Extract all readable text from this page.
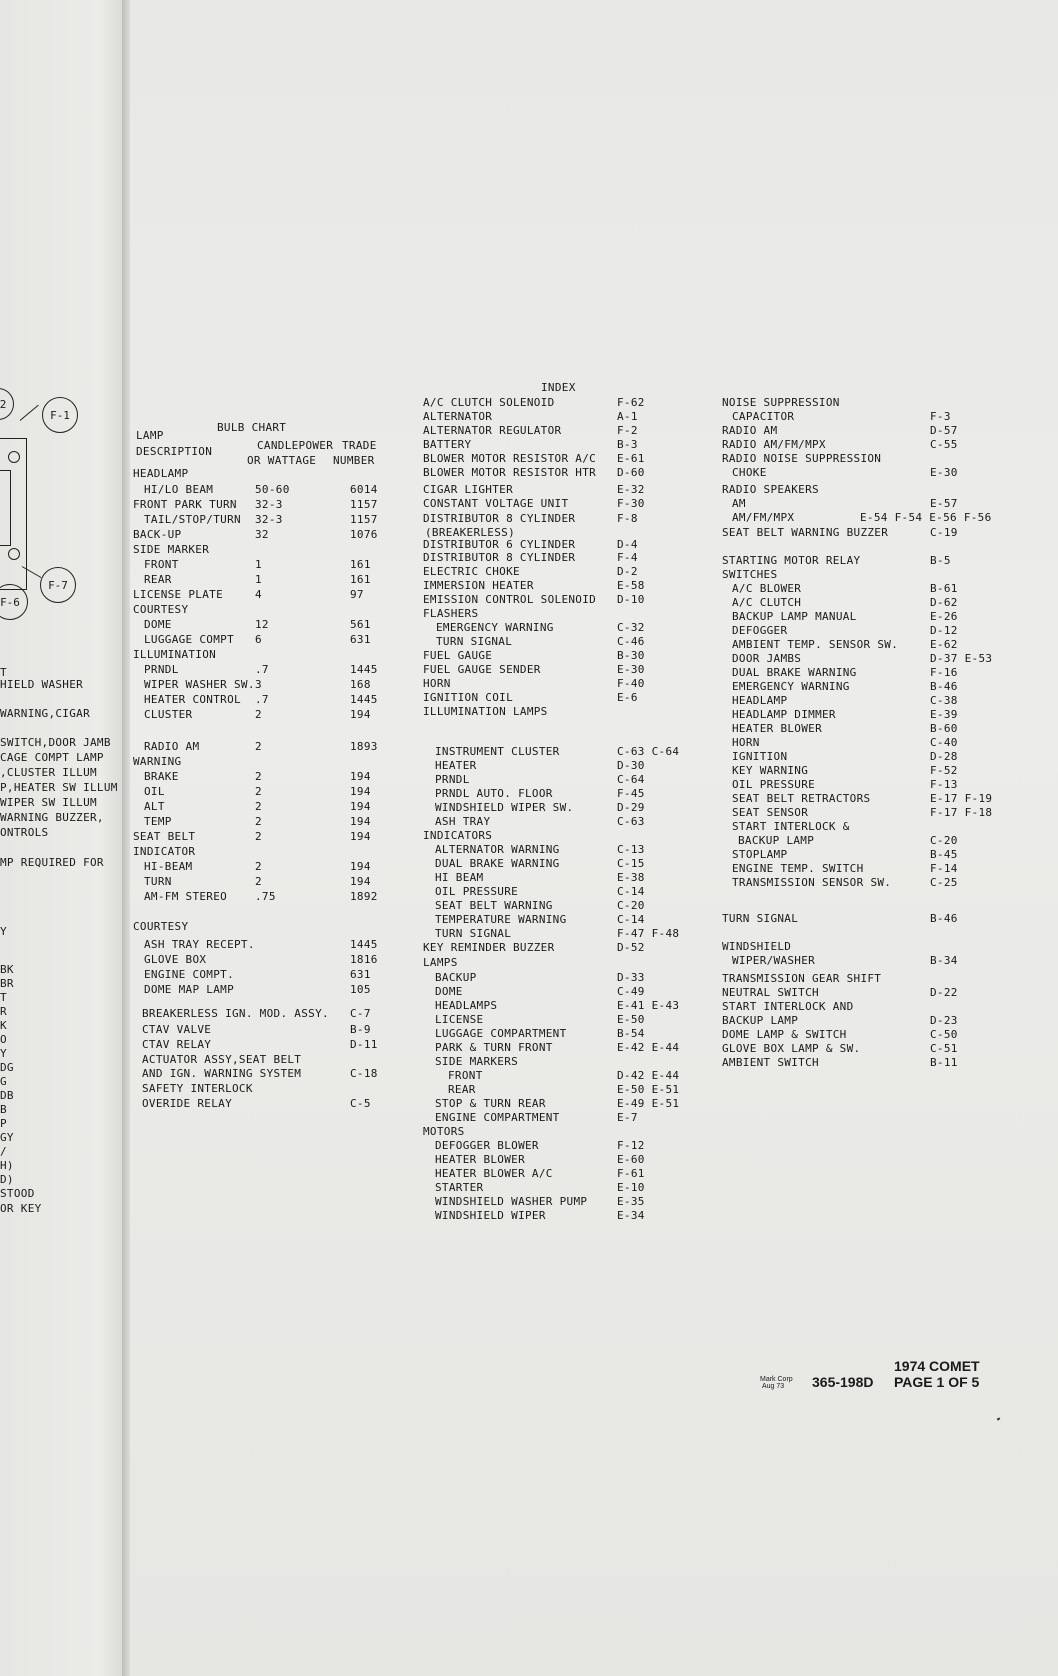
2
F-1
F-7
F-6
T
HIELD WASHER
WARNING,CIGAR
SWITCH,DOOR JAMB
CAGE COMPT LAMP
,CLUSTER ILLUM
P,HEATER SW ILLUM
WIPER SW ILLUM
WARNING BUZZER,
ONTROLS
MP REQUIRED FOR
Y
BK
BR
T
R
K
O
Y
DG
G
DB
B
P
GY
/
H)
D)
STOOD
OR KEY
BULB CHART
LAMP
DESCRIPTION	CANDLEPOWER
OR WATTAGE
TRADE
NUMBER
HEADLAMP
HI/LO BEAM	50-60	6014
FRONT PARK TURN 32-3	1157
TAIL/STOP/TURN 32-3	1157
BACK-UP	32	1076
SIDE MARKER
FRONT	1	161
REAR	1	161
LICENSE PLATE	4	97
COURTESY
DOME	12	561
LUGGAGE COMPT 6	631
ILLUMINATION
PRNDL	.7	1445
WIPER WASHER SW. 3	168
HEATER CONTROL .7	1445
CLUSTER	2	194
RADIO AM	2	1893
WARNING
BRAKE	2	194
OIL	2	194
ALT	2	194
TEMP	2	194
SEAT BELT	2	194
INDICATOR
HI-BEAM	2	194
TURN	2	194
AM-FM STEREO	.75	1892
COURTESY
ASH TRAY RECEPT.	1445
GLOVE BOX	1816
ENGINE COMPT.	631
DOME MAP LAMP	105
BREAKERLESS IGN. MOD. ASSY. C-7
CTAV VALVE	B-9
CTAV RELAY	D-11
ACTUATOR ASSY,SEAT BELT
AND IGN. WARNING SYSTEM	C-18
SAFETY INTERLOCK
OVERIDE RELAY	C-5
INDEX
A/C CLUTCH SOLENOID	F-62
ALTERNATOR	A-1
ALTERNATOR REGULATOR	F-2
BATTERY	B-3
BLOWER MOTOR RESISTOR A/C E-61
BLOWER MOTOR RESISTOR HTR D-60
CIGAR LIGHTER	E-32
CONSTANT VOLTAGE UNIT	F-30
DISTRIBUTOR 8 CYLINDER	F-8
(BREAKERLESS)
DISTRIBUTOR 6 CYLINDER	D-4
DISTRIBUTOR 8 CYLINDER	F-4
ELECTRIC CHOKE	D-2
IMMERSION HEATER	E-58
EMISSION CONTROL SOLENOID D-10
FLASHERS
EMERGENCY WARNING	C-32
TURN SIGNAL	C-46
FUEL GAUGE	B-30
FUEL GAUGE SENDER	E-30
HORN	F-40
IGNITION COIL	E-6
ILLUMINATION LAMPS
INSTRUMENT CLUSTER	C-63 C-64
HEATER	D-30
PRNDL	C-64
PRNDL AUTO. FLOOR	F-45
WINDSHIELD WIPER SW.	D-29
ASH TRAY	C-63
INDICATORS
ALTERNATOR WARNING	C-13
DUAL BRAKE WARNING	C-15
HI BEAM	E-38
OIL PRESSURE	C-14
SEAT BELT WARNING	C-20
TEMPERATURE WARNING	C-14
TURN SIGNAL	F-47 F-48
KEY REMINDER BUZZER	D-52
LAMPS
BACKUP	D-33
DOME	C-49
HEADLAMPS	E-41 E-43
LICENSE	E-50
LUGGAGE COMPARTMENT	B-54
PARK & TURN FRONT	E-42 E-44
SIDE MARKERS
FRONT	D-42 E-44
REAR	E-50 E-51
STOP & TURN REAR	E-49 E-51
ENGINE COMPARTMENT	E-7
MOTORS
DEFOGGER BLOWER	F-12
HEATER BLOWER	E-60
HEATER BLOWER A/C	F-61
STARTER	E-10
WINDSHIELD WASHER PUMP	E-35
WINDSHIELD WIPER	E-34
NOISE SUPPRESSION
CAPACITOR	F-3
RADIO AM	D-57
RADIO AM/FM/MPX	C-55
RADIO NOISE SUPPRESSION
CHOKE	E-30
RADIO SPEAKERS
AM	E-57
AM/FM/MPX	E-54 F-54 E-56 F-56
SEAT BELT WARNING BUZZER	C-19
STARTING MOTOR RELAY	B-5
SWITCHES
A/C BLOWER	B-61
A/C CLUTCH	D-62
BACKUP LAMP MANUAL	E-26
DEFOGGER	D-12
AMBIENT TEMP. SENSOR SW.	E-62
DOOR JAMBS	D-37 E-53
DUAL BRAKE WARNING	F-16
EMERGENCY WARNING	B-46
HEADLAMP	C-38
HEADLAMP DIMMER	E-39
HEATER BLOWER	B-60
HORN	C-40
IGNITION	D-28
KEY WARNING	F-52
OIL PRESSURE	F-13
SEAT BELT RETRACTORS	E-17 F-19
SEAT SENSOR	F-17 F-18
START INTERLOCK &
BACKUP LAMP	C-20
STOPLAMP	B-45
ENGINE TEMP. SWITCH	F-14
TRANSMISSION SENSOR SW.	C-25
TURN SIGNAL	B-46
WINDSHIELD
WIPER/WASHER	B-34
TRANSMISSION GEAR SHIFT
NEUTRAL SWITCH	D-22
START INTERLOCK AND
BACKUP LAMP	D-23
DOME LAMP & SWITCH	C-50
GLOVE BOX LAMP & SW.	C-51
AMBIENT SWITCH	B-11
Mark Corp
Aug 73 365-198D
1974 COMET
PAGE 1 OF 5
